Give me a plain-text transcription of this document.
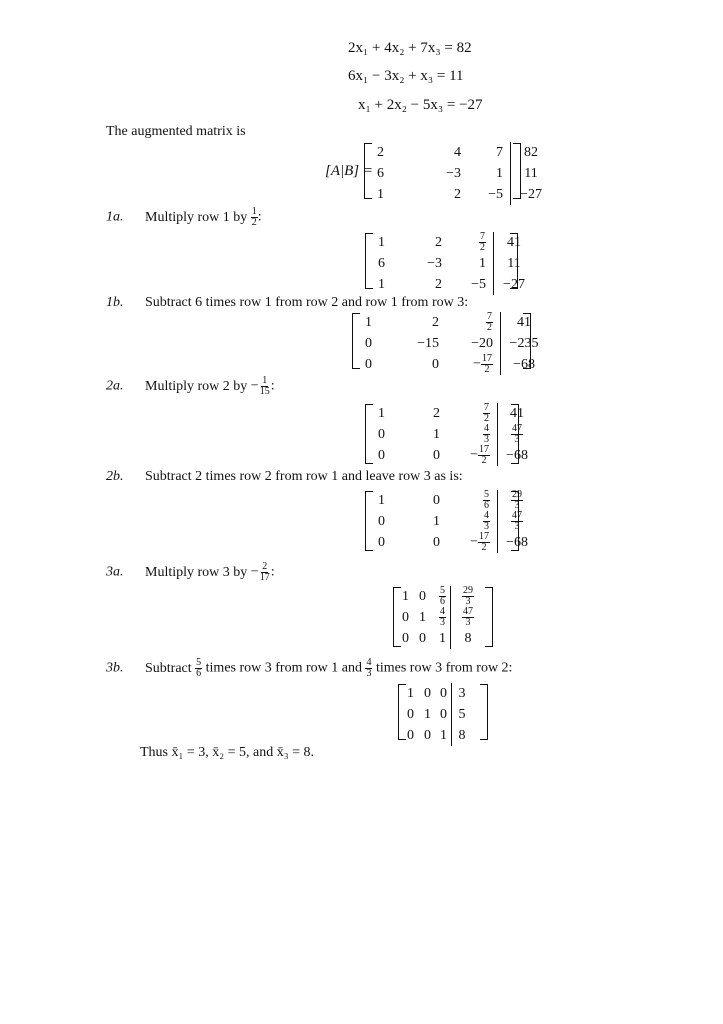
2x₁ + 4x₂ + 7x₃ = 82
6x₁ − 3x₂ + x₃ = 11
x₁ + 2x₂ − 5x₃ = −27
The augmented matrix is
[A|B] =
2	4	7	82
6	−3	1	11
1	2	−5	−27
1a. Multiply row 1 by $\frac{1}{2}$ :
1	2	$\frac{7}{2}$	41
6	−3	1	11
1	2	−5	−27
1b. Subtract 6 times row 1 from row 2 and row 1 from row 3:
1	2	$\frac{7}{2}$	41
0	−15	−20	−235
0	0	− $\frac{17}{2}$	−68
2a. Multiply row 2 by − $\frac{1}{15}$ :
1	2	$\frac{7}{2}$	41
0	1	$\frac{4}{3}$	$\frac{47}{3}$

0	0	− $\frac{17}{2}$	−68
2b. Subtract 2 times row 2 from row 1 and leave row 3 as is:
1	0	$\frac{5}{6}$	$\frac{29}{3}$

0	1	$\frac{4}{3}$	$\frac{47}{3}$

0	0	− $\frac{17}{2}$	−68
3a. Multiply row 3 by − $\frac{2}{17}$ :
1	0	$\frac{5}{6}$	$\frac{29}{3}$

0	1	$\frac{4}{3}$	$\frac{47}{3}$

0	0	1	8
3b. Subtract $\frac{5}{6}$ times row 3 from row 1 and $\frac{4}{3}$ times row 3 from row 2:
1	0	0	3
0	1	0	5
0	0	1	8
Thus x̄₁ = 3, x̄₂ = 5, and x̄₃ = 8.
